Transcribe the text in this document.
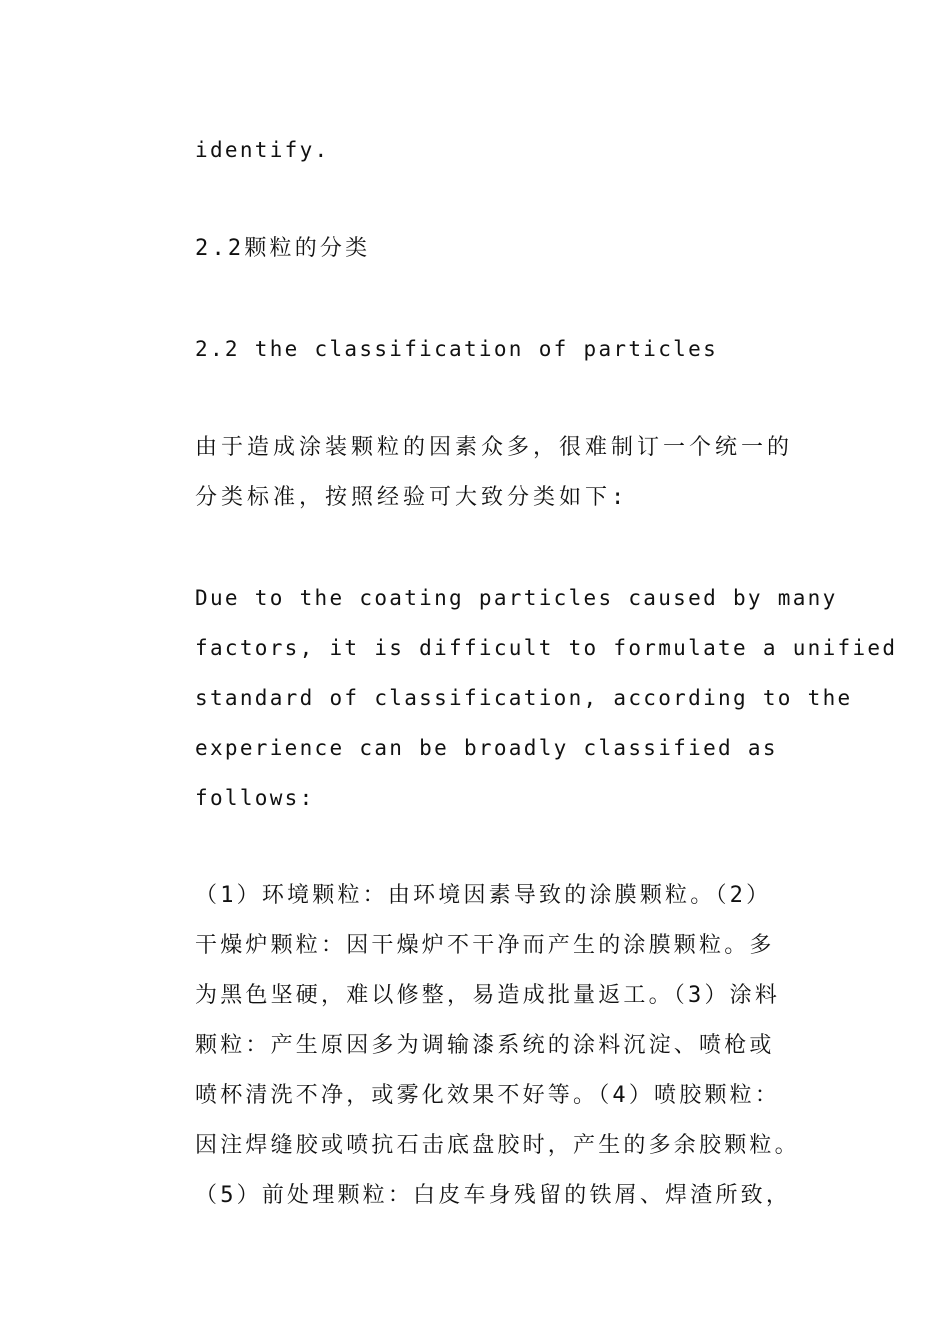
identify.

2.2颗粒的分类

2.2 the classification of particles

由于造成涂装颗粒的因素众多，很难制订一个统一的
分类标准，按照经验可大致分类如下:

Due to the coating particles caused by many
factors, it is difficult to formulate a unified
standard of classification, according to the
experience can be broadly classified as
follows:

（1）环境颗粒：由环境因素导致的涂膜颗粒。（2）
干燥炉颗粒：因干燥炉不干净而产生的涂膜颗粒。多
为黑色坚硬，难以修整，易造成批量返工。（3）涂料
颗粒：产生原因多为调输漆系统的涂料沉淀、喷枪或
喷杯清洗不净，或雾化效果不好等。（4）喷胶颗粒：
因注焊缝胶或喷抗石击底盘胶时，产生的多余胶颗粒。
（5）前处理颗粒：白皮车身残留的铁屑、焊渣所致，
